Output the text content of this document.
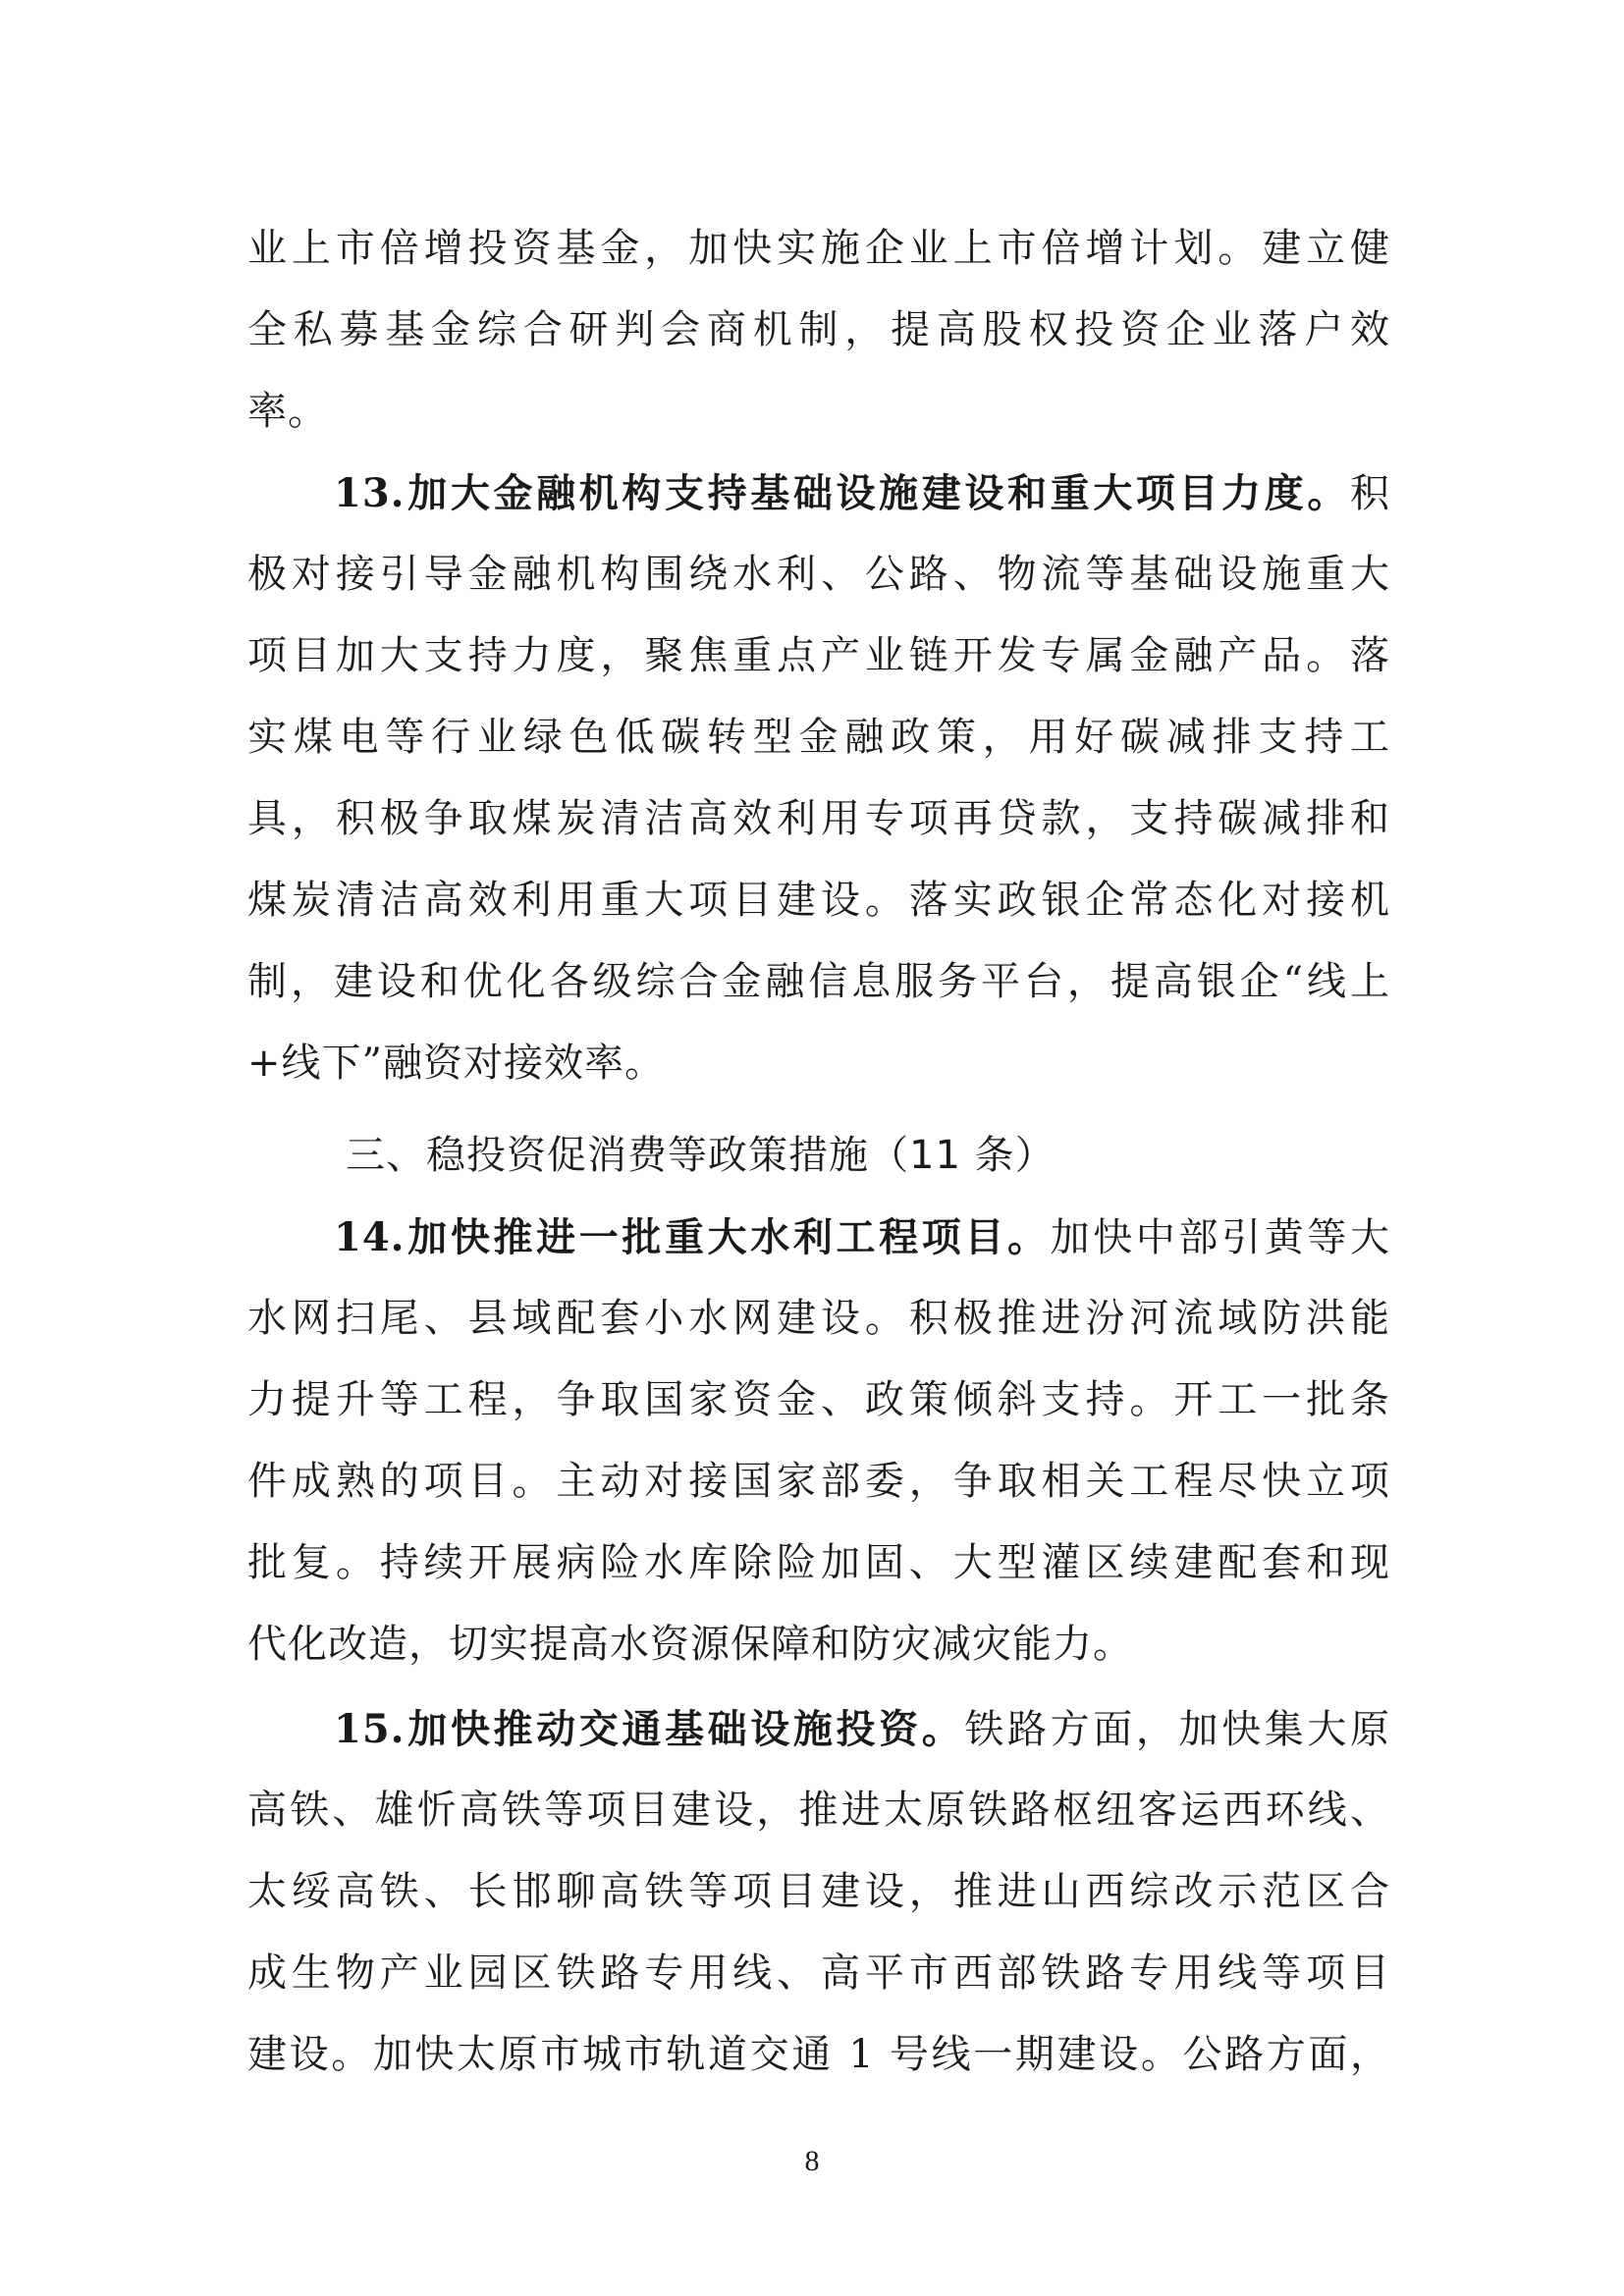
业上市倍增投资基金，加快实施企业上市倍增计划。建立健
全私募基金综合研判会商机制，提高股权投资企业落户效
率。
13.加大金融机构支持基础设施建设和重大项目力度。积
极对接引导金融机构围绕水利、公路、物流等基础设施重大
项目加大支持力度，聚焦重点产业链开发专属金融产品。落
实煤电等行业绿色低碳转型金融政策，用好碳减排支持工
具，积极争取煤炭清洁高效利用专项再贷款，支持碳减排和
煤炭清洁高效利用重大项目建设。落实政银企常态化对接机
制，建设和优化各级综合金融信息服务平台，提高银企“线上
+线下”融资对接效率。
三、稳投资促消费等政策措施（11 条）
14.加快推进一批重大水利工程项目。加快中部引黄等大
水网扫尾、县域配套小水网建设。积极推进汾河流域防洪能
力提升等工程，争取国家资金、政策倾斜支持。开工一批条
件成熟的项目。主动对接国家部委，争取相关工程尽快立项
批复。持续开展病险水库除险加固、大型灌区续建配套和现
代化改造，切实提高水资源保障和防灾减灾能力。
15.加快推动交通基础设施投资。铁路方面，加快集大原
高铁、雄忻高铁等项目建设，推进太原铁路枢纽客运西环线、
太绥高铁、长邯聊高铁等项目建设，推进山西综改示范区合
成生物产业园区铁路专用线、高平市西部铁路专用线等项目
建设。加快太原市城市轨道交通 1 号线一期建设。公路方面，
8
